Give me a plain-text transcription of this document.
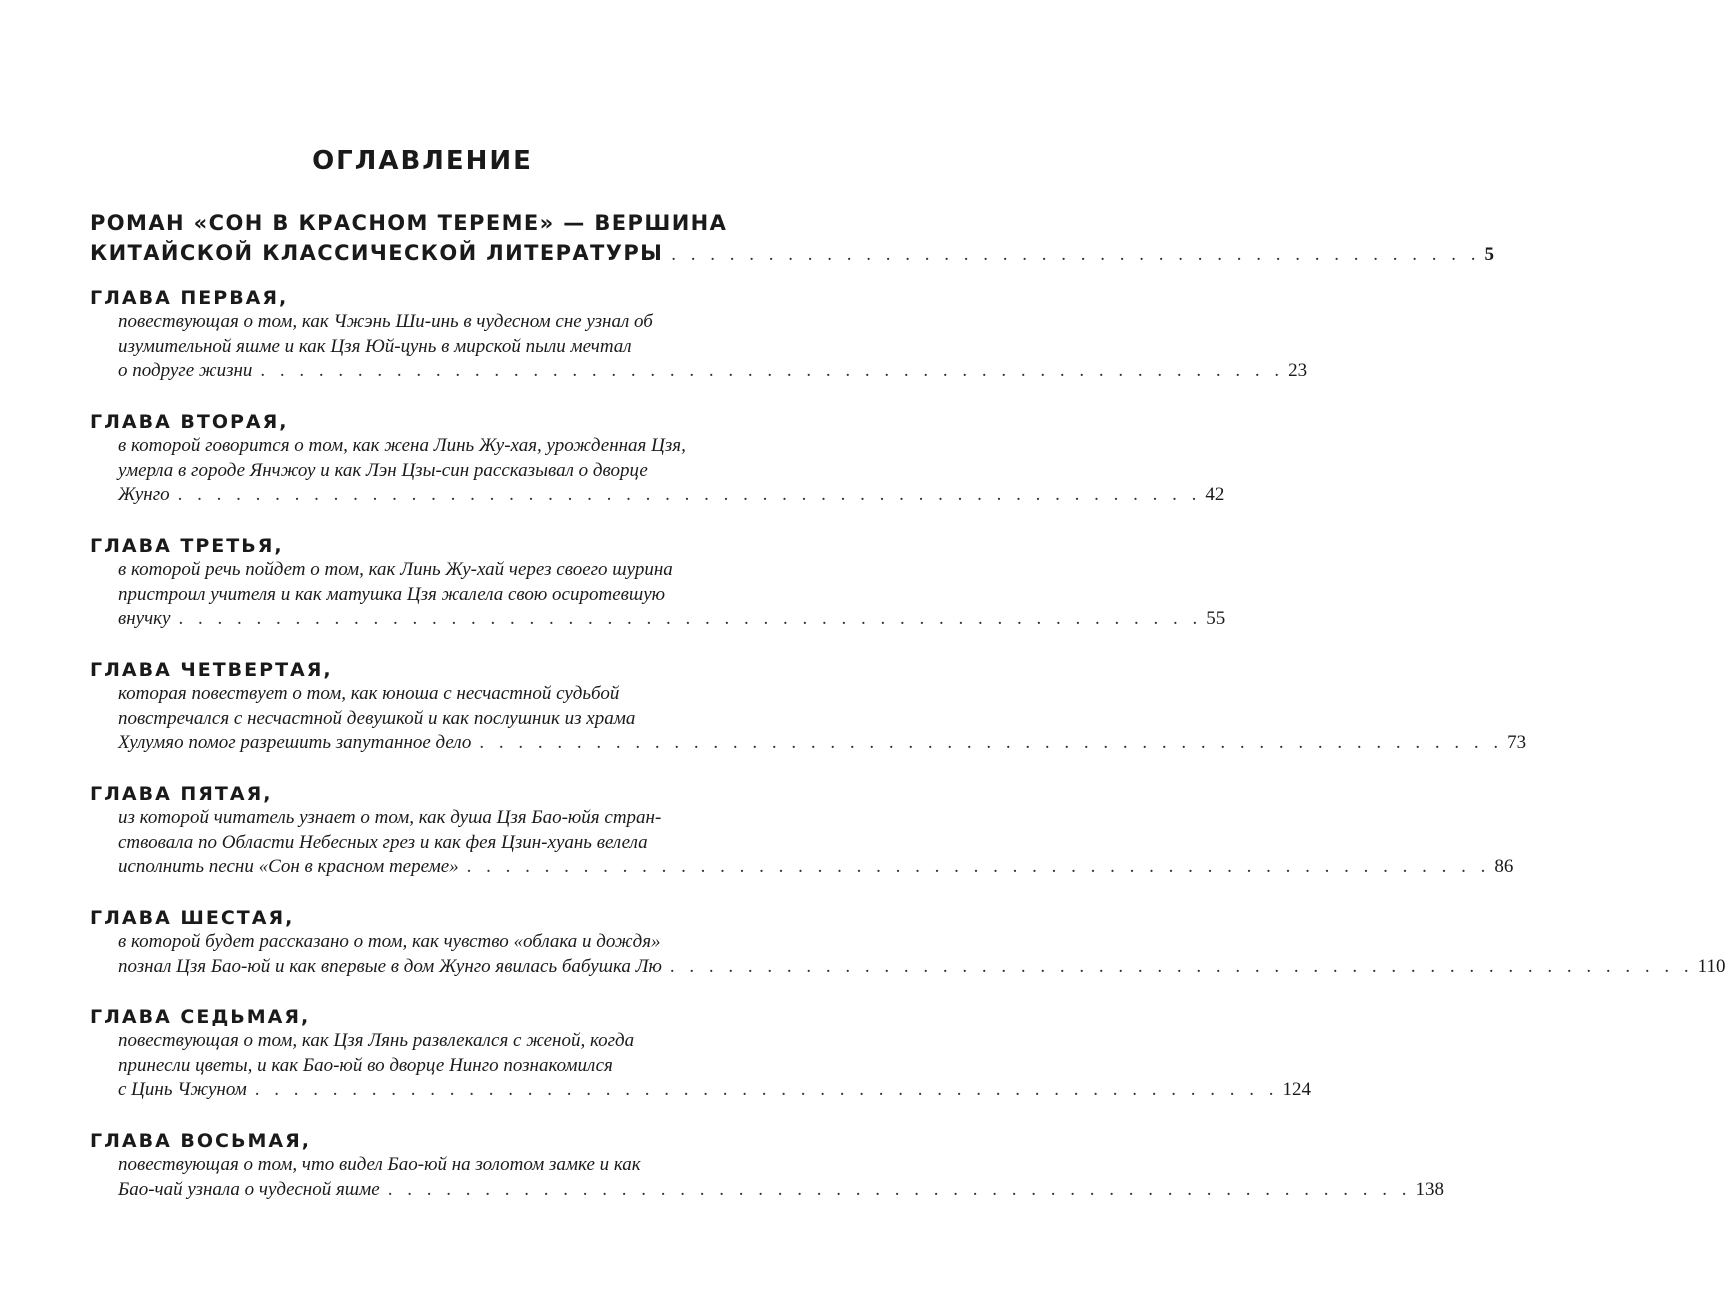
ОГЛАВЛЕНИЕ
РОМАН «СОН В КРАСНОМ ТЕРЕМЕ» — ВЕРШИНА
КИТАЙСКОЙ КЛАССИЧЕСКОЙ ЛИТЕРАТУРЫ . . . . . . . . . . . . . . . . . . . . . . . . . . . . . . . . . . . . . . . . . . 5
ГЛАВА ПЕРВАЯ,
повествующая о том, как Чжэнь Ши-инь в чудесном сне узнал об
изумительной яшме и как Цзя Юй-цунь в мирской пыли мечтал
о подруге жизни . . . . . . . . . . . . . . . . . . . . . . . . . . . . . . . . . . . . . . . . . . . . . . . . . . . . . 23
ГЛАВА ВТОРАЯ,
в которой говорится о том, как жена Линь Жу-хая, урожденная Цзя,
умерла в городе Янчжоу и как Лэн Цзы-син рассказывал о дворце
Жунго . . . . . . . . . . . . . . . . . . . . . . . . . . . . . . . . . . . . . . . . . . . . . . . . . . . . . 42
ГЛАВА ТРЕТЬЯ,
в которой речь пойдет о том, как Линь Жу-хай через своего шурина
пристроил учителя и как матушка Цзя жалела свою осиротевшую
внучку . . . . . . . . . . . . . . . . . . . . . . . . . . . . . . . . . . . . . . . . . . . . . . . . . . . . . 55
ГЛАВА ЧЕТВЕРТАЯ,
которая повествует о том, как юноша с несчастной судьбой
повстречался с несчастной девушкой и как послушник из храма
Хулумяо помог разрешить запутанное дело . . . . . . . . . . . . . . . . . . . . . . . . . . . . . . . . . . . . . . . . . . . . . . . . . . . . . 73
ГЛАВА ПЯТАЯ,
из которой читатель узнает о том, как душа Цзя Бао-юйя стран-
ствовала по Области Небесных грез и как фея Цзин-хуань велела
исполнить песни «Сон в красном тереме» . . . . . . . . . . . . . . . . . . . . . . . . . . . . . . . . . . . . . . . . . . . . . . . . . . . . . 86
ГЛАВА ШЕСТАЯ,
в которой будет рассказано о том, как чувство «облака и дождя»
познал Цзя Бао-юй и как впервые в дом Жунго явилась бабушка Лю . . . . . . . . . . . . . . . . . . . . . . . . . . . . . . . . . . . . . . . . . . . . . . . . . . . . . 110
ГЛАВА СЕДЬМАЯ,
повествующая о том, как Цзя Лянь развлекался с женой, когда
принесли цветы, и как Бао-юй во дворце Нинго познакомился
с Цинь Чжуном . . . . . . . . . . . . . . . . . . . . . . . . . . . . . . . . . . . . . . . . . . . . . . . . . . . . . 124
ГЛАВА ВОСЬМАЯ,
повествующая о том, что видел Бао-юй на золотом замке и как
Бао-чай узнала о чудесной яшме . . . . . . . . . . . . . . . . . . . . . . . . . . . . . . . . . . . . . . . . . . . . . . . . . . . . . 138
